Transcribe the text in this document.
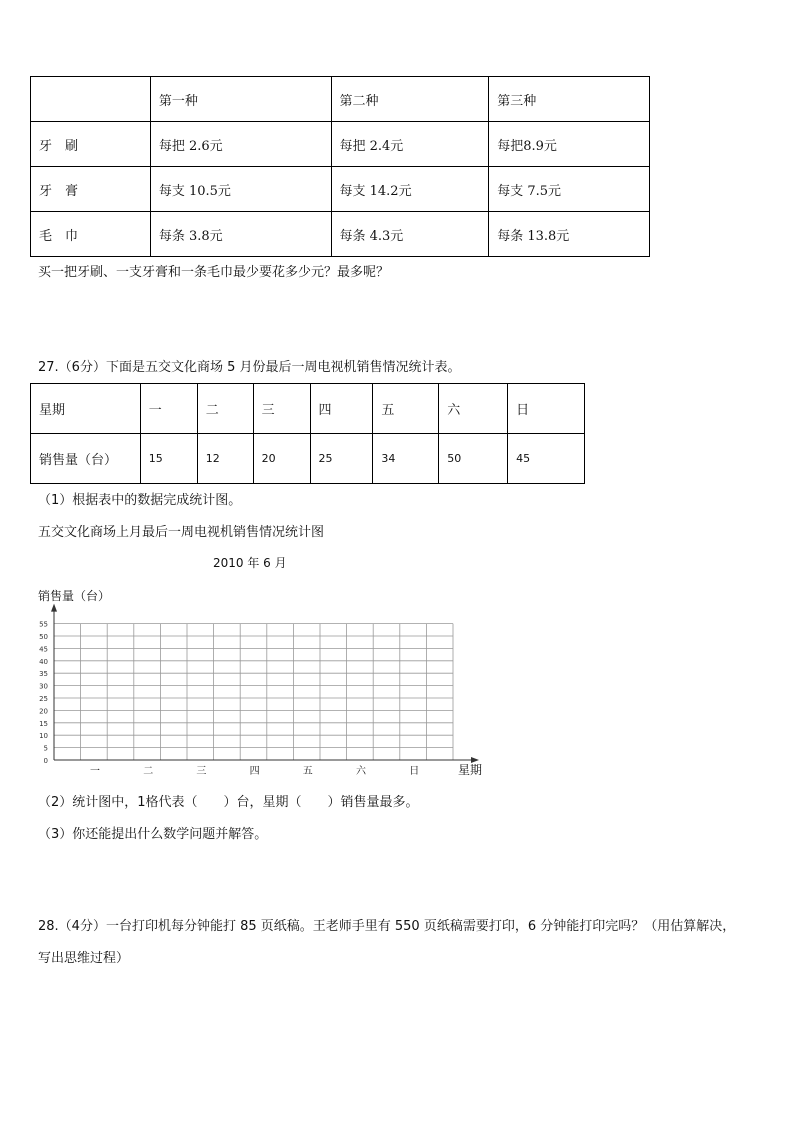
	第一种	第二种	第三种
牙　刷	每把 2.6元	每把 2.4元	每把8.9元
牙　膏	每支 10.5元	每支 14.2元	每支 7.5元
毛　巾	每条 3.8元	每条 4.3元	每条 13.8元
买一把牙刷、一支牙膏和一条毛巾最少要花多少元？最多呢？
27.（6分）下面是五交文化商场 5 月份最后一周电视机销售情况统计表。
星期	一	二	三	四	五	六	日
销售量（台）	15	12	20	25	34	50	45
（1）根据表中的数据完成统计图。
五交文化商场上月最后一周电视机销售情况统计图
2010 年 6 月
销售量（台）
星期
0
5
10
15
20
25
30
35
40
45
50
55
一	二	三	四	五	六	日
（2）统计图中，1格代表（　　）台，星期（　　）销售量最多。
（3）你还能提出什么数学问题并解答。
28.（4分）一台打印机每分钟能打 85 页纸稿。王老师手里有 550 页纸稿需要打印，6 分钟能打印完吗？（用估算解决，
写出思维过程）
